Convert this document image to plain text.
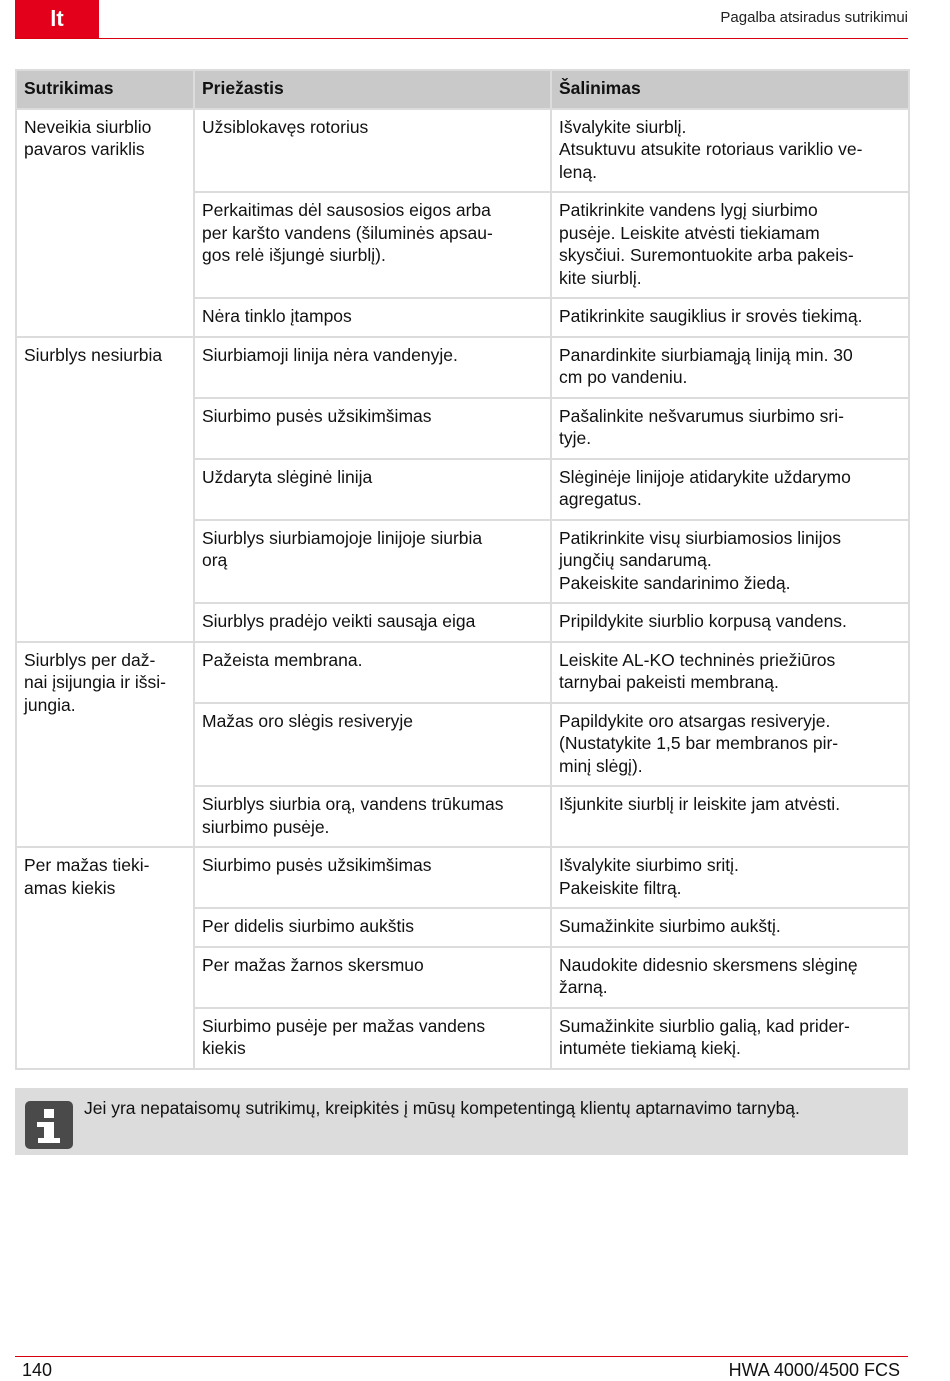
lt	Pagalba atsiradus sutrikimui
Sutrikimas	Priežastis	Šalinimas
Neveikia siurblio
pavaros variklis	Užsiblokavęs rotorius	Išvalykite siurblį.
Atsuktuvu atsukite rotoriaus variklio ve-
leną.
	Perkaitimas dėl sausosios eigos arba
per karšto vandens (šiluminės apsau-
gos relė išjungė siurblį).	Patikrinkite vandens lygį siurbimo
pusėje. Leiskite atvėsti tiekiamam
skysčiui. Suremontuokite arba pakeis-
kite siurblį.
	Nėra tinklo įtampos	Patikrinkite saugiklius ir srovės tiekimą.
Siurblys nesiurbia	Siurbiamoji linija nėra vandenyje.	Panardinkite siurbiamąją liniją min. 30
cm po vandeniu.
	Siurbimo pusės užsikimšimas	Pašalinkite nešvarumus siurbimo sri-
tyje.
	Uždaryta slėginė linija	Slėginėje linijoje atidarykite uždarymo
agregatus.
	Siurblys siurbiamojoje linijoje siurbia
orą	Patikrinkite visų siurbiamosios linijos
jungčių sandarumą.
Pakeiskite sandarinimo žiedą.
	Siurblys pradėjo veikti sausąja eiga	Pripildykite siurblio korpusą vandens.
Siurblys per daž-
nai įsijungia ir išsi-
jungia.	Pažeista membrana.	Leiskite AL-KO techninės priežiūros
tarnybai pakeisti membraną.
	Mažas oro slėgis resiveryje	Papildykite oro atsargas resiveryje.
(Nustatykite 1,5 bar membranos pir-
minį slėgį).
	Siurblys siurbia orą, vandens trūkumas
siurbimo pusėje.	Išjunkite siurblį ir leiskite jam atvėsti.
Per mažas tieki-
amas kiekis	Siurbimo pusės užsikimšimas	Išvalykite siurbimo sritį.
Pakeiskite filtrą.
	Per didelis siurbimo aukštis	Sumažinkite siurbimo aukštį.
	Per mažas žarnos skersmuo	Naudokite didesnio skersmens slėginę
žarną.
	Siurbimo pusėje per mažas vandens
kiekis	Sumažinkite siurblio galią, kad prider-
intumėte tiekiamą kiekį.
Jei yra nepataisomų sutrikimų, kreipkitės į mūsų kompetentingą klientų aptarnavimo tarnybą.
140	HWA 4000/4500 FCS
